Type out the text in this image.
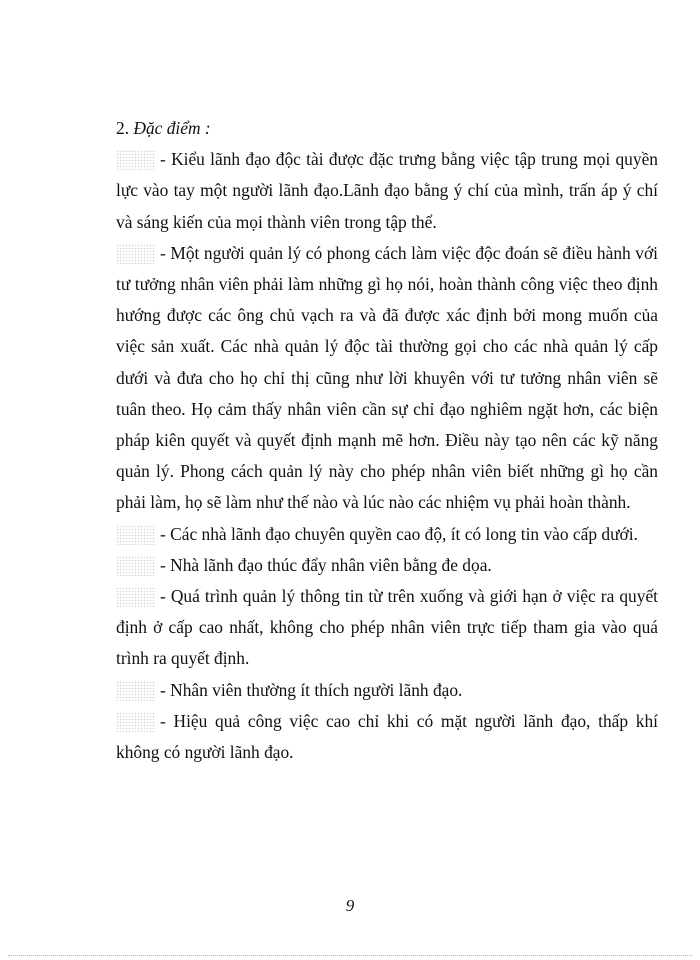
2. Đặc điểm :

- Kiểu lãnh đạo độc tài được đặc trưng bằng việc tập trung mọi quyền lực vào tay một người lãnh đạo.Lãnh đạo bằng ý chí của mình, trấn áp ý chí và sáng kiến của mọi thành viên trong tập thể.

- Một người quản lý có phong cách làm việc độc đoán sẽ điều hành với tư tưởng nhân viên phải làm những gì họ nói, hoàn thành công việc theo định hướng được các ông chủ vạch ra và đã được xác định bởi mong muốn của việc sản xuất. Các nhà quản lý độc tài thường gọi cho các nhà quản lý cấp dưới và đưa cho họ chỉ thị cũng như lời khuyên với tư tưởng nhân viên sẽ tuân theo. Họ cảm thấy nhân viên cần sự chỉ đạo nghiêm ngặt hơn, các biện pháp kiên quyết và quyết định mạnh mẽ hơn. Điều này tạo nên các kỹ năng quản lý. Phong cách quản lý này cho phép nhân viên biết những gì họ cần phải làm, họ sẽ làm như thế nào và lúc nào các nhiệm vụ phải hoàn thành.

- Các nhà lãnh đạo chuyên quyền cao độ, ít có long tin vào cấp dưới.

- Nhà lãnh đạo thúc đẩy nhân viên bằng đe dọa.

- Quá trình quản lý thông tin từ trên xuống và giới hạn ở việc ra quyết định ở cấp cao nhất, không cho phép nhân viên trực tiếp tham gia vào quá trình ra quyết định.

- Nhân viên thường ít thích người lãnh đạo.

- Hiệu quả công việc cao chỉ khi có mặt người lãnh đạo, thấp khí không có người lãnh đạo.

9
